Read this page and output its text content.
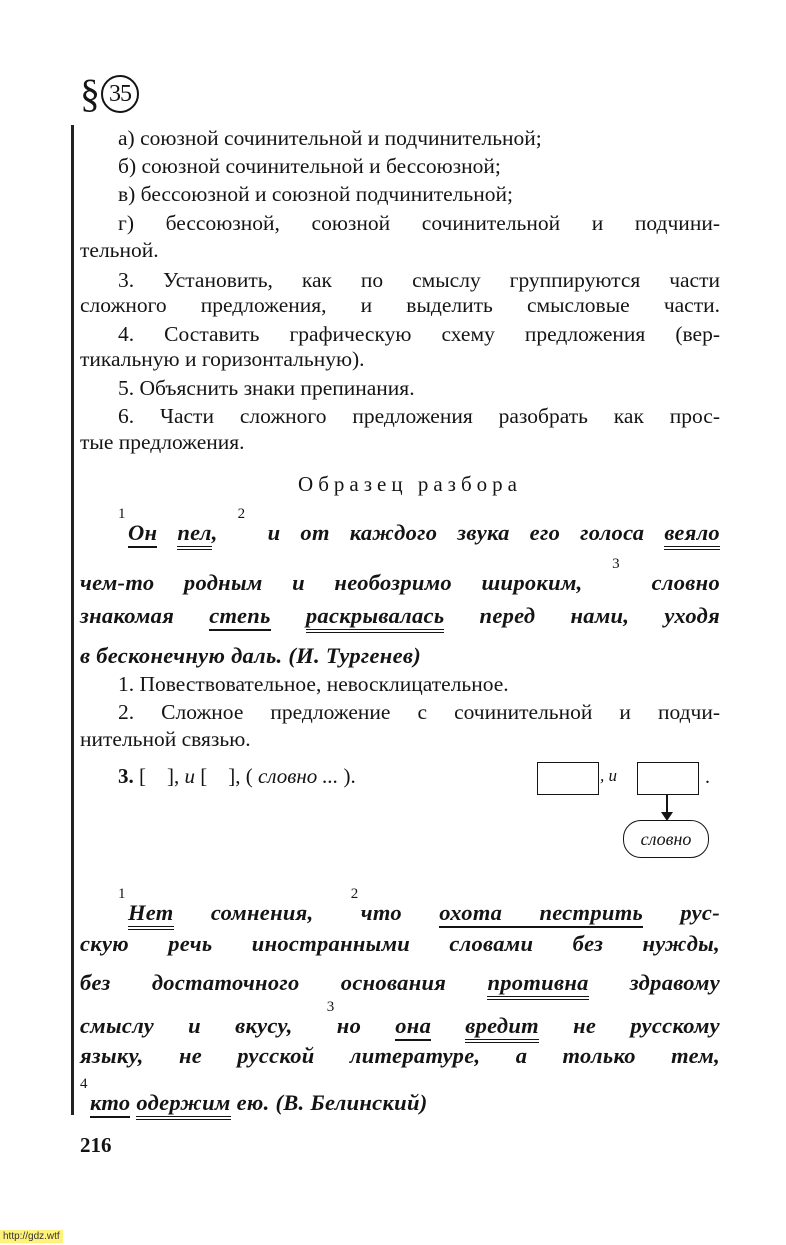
§ 35
а) союзной сочинительной и подчинительной;
б) союзной сочинительной и бессоюзной;
в) бессоюзной и союзной подчинительной;
г) бессоюзной, союзной сочинительной и подчини-
тельной.
3. Установить, как по смыслу группируются части
сложного предложения, и выделить смысловые части.
4. Составить графическую схему предложения (вер-
тикальную и горизонтальную).
5. Объяснить знаки препинания.
6. Части сложного предложения разобрать как прос-
тые предложения.
1Он пел, 2 и от каждого звука его голоса веяло
чем-то родным и необозримо широким, 3 словно
знакомая степь раскрывалась перед нами, уходя
в бесконечную даль. (И. Тургенев)
1. Повествовательное, невосклицательное.
2. Сложное предложение с сочинительной и подчи-
нительной связью.
1Нет сомнения, 2что охота пестрить рус-
скую речь иностранными словами без нужды,
без достаточного основания противна здравому
смыслу и вкусу, 3но она вредит не русскому
языку, не русской литературе, а только тем,
4кто одержим ею. (В. Белинский)
Образец разбора
3. [    ], и [    ], ( словно ... ).	, и	.
словно
216
http://gdz.wtf
